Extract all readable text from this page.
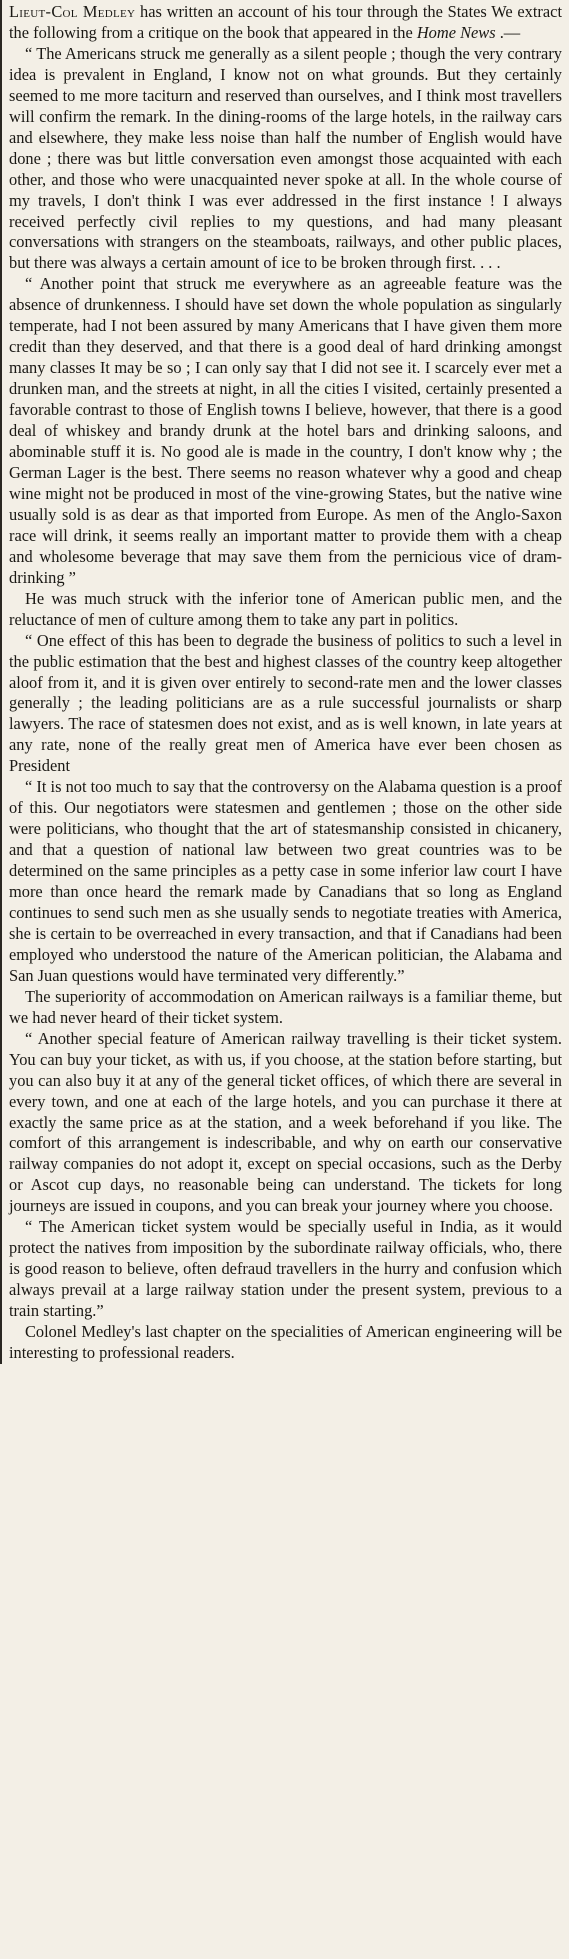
Lieut-Col Medley has written an account of his tour through the States We extract the following from a critique on the book that appeared in the Home News .—

“ The Americans struck me generally as a silent people ; though the very contrary idea is prevalent in England, I know not on what grounds. But they certainly seemed to me more taciturn and reserved than ourselves, and I think most travellers will confirm the remark. In the dining-rooms of the large hotels, in the railway cars and elsewhere, they make less noise than half the number of English would have done ; there was but little conversation even amongst those acquainted with each other, and those who were unacquainted never spoke at all. In the whole course of my travels, I don't think I was ever addressed in the first instance ! I always received perfectly civil replies to my questions, and had many pleasant conversations with strangers on the steamboats, railways, and other public places, but there was always a certain amount of ice to be broken through first. . . .

“ Another point that struck me everywhere as an agreeable feature was the absence of drunkenness. I should have set down the whole population as singularly temperate, had I not been assured by many Americans that I have given them more credit than they deserved, and that there is a good deal of hard drinking amongst many classes It may be so ; I can only say that I did not see it. I scarcely ever met a drunken man, and the streets at night, in all the cities I visited, certainly presented a favorable contrast to those of English towns I believe, however, that there is a good deal of whiskey and brandy drunk at the hotel bars and drinking saloons, and abominable stuff it is. No good ale is made in the country, I don't know why ; the German Lager is the best. There seems no reason whatever why a good and cheap wine might not be produced in most of the vine-growing States, but the native wine usually sold is as dear as that imported from Europe. As men of the Anglo-Saxon race will drink, it seems really an important matter to provide them with a cheap and wholesome beverage that may save them from the pernicious vice of dram-drinking ”

He was much struck with the inferior tone of American public men, and the reluctance of men of culture among them to take any part in politics.

“ One effect of this has been to degrade the business of politics to such a level in the public estimation that the best and highest classes of the country keep altogether aloof from it, and it is given over entirely to second-rate men and the lower classes generally ; the leading politicians are as a rule successful journalists or sharp lawyers. The race of statesmen does not exist, and as is well known, in late years at any rate, none of the really great men of America have ever been chosen as President

“ It is not too much to say that the controversy on the Alabama question is a proof of this. Our negotiators were statesmen and gentlemen ; those on the other side were politicians, who thought that the art of statesmanship consisted in chicanery, and that a question of national law between two great countries was to be determined on the same principles as a petty case in some inferior law court I have more than once heard the remark made by Canadians that so long as England continues to send such men as she usually sends to negotiate treaties with America, she is certain to be overreached in every transaction, and that if Canadians had been employed who understood the nature of the American politician, the Alabama and San Juan questions would have terminated very differently.”

The superiority of accommodation on American railways is a familiar theme, but we had never heard of their ticket system.

“ Another special feature of American railway travelling is their ticket system. You can buy your ticket, as with us, if you choose, at the station before starting, but you can also buy it at any of the general ticket offices, of which there are several in every town, and one at each of the large hotels, and you can purchase it there at exactly the same price as at the station, and a week beforehand if you like. The comfort of this arrangement is indescribable, and why on earth our conservative railway companies do not adopt it, except on special occasions, such as the Derby or Ascot cup days, no reasonable being can understand. The tickets for long journeys are issued in coupons, and you can break your journey where you choose.

“ The American ticket system would be specially useful in India, as it would protect the natives from imposition by the subordinate railway officials, who, there is good reason to believe, often defraud travellers in the hurry and confusion which always prevail at a large railway station under the present system, previous to a train starting.”

Colonel Medley's last chapter on the specialities of American engineering will be interesting to professional readers.
